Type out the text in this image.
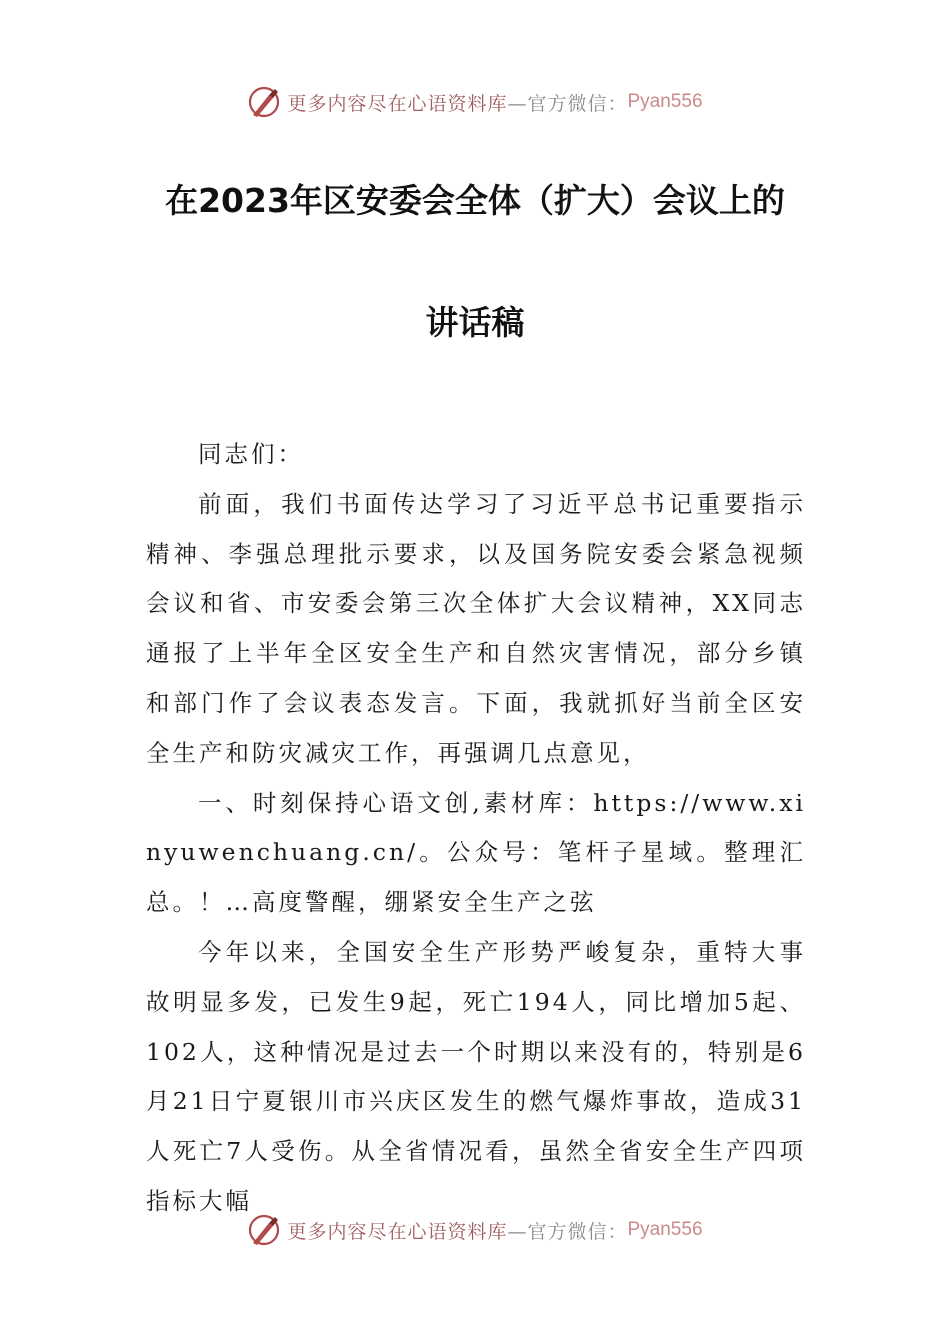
更多内容尽在心语资料库 —官方微信： Pyan556
在2023年区安委会全体（扩大）会议上的
讲话稿

同志们：

前面，我们书面传达学习了习近平总书记重要指示精神、李强总理批示要求，以及国务院安委会紧急视频会议和省、市安委会第三次全体扩大会议精神，XX同志通报了上半年全区安全生产和自然灾害情况，部分乡镇和部门作了会议表态发言。下面，我就抓好当前全区安全生产和防灾减灾工作，再强调几点意见，

一、时刻保持心语文创,素材库：https://www.xinyuwenchuang.cn/。公众号：笔杆子星域。整理汇总。！…高度警醒，绷紧安全生产之弦

今年以来，全国安全生产形势严峻复杂，重特大事故明显多发，已发生9起，死亡194人，同比增加5起、102人，这种情况是过去一个时期以来没有的，特别是6月21日宁夏银川市兴庆区发生的燃气爆炸事故，造成31人死亡7人受伤。从全省情况看，虽然全省安全生产四项指标大幅

更多内容尽在心语资料库 —官方微信： Pyan556
